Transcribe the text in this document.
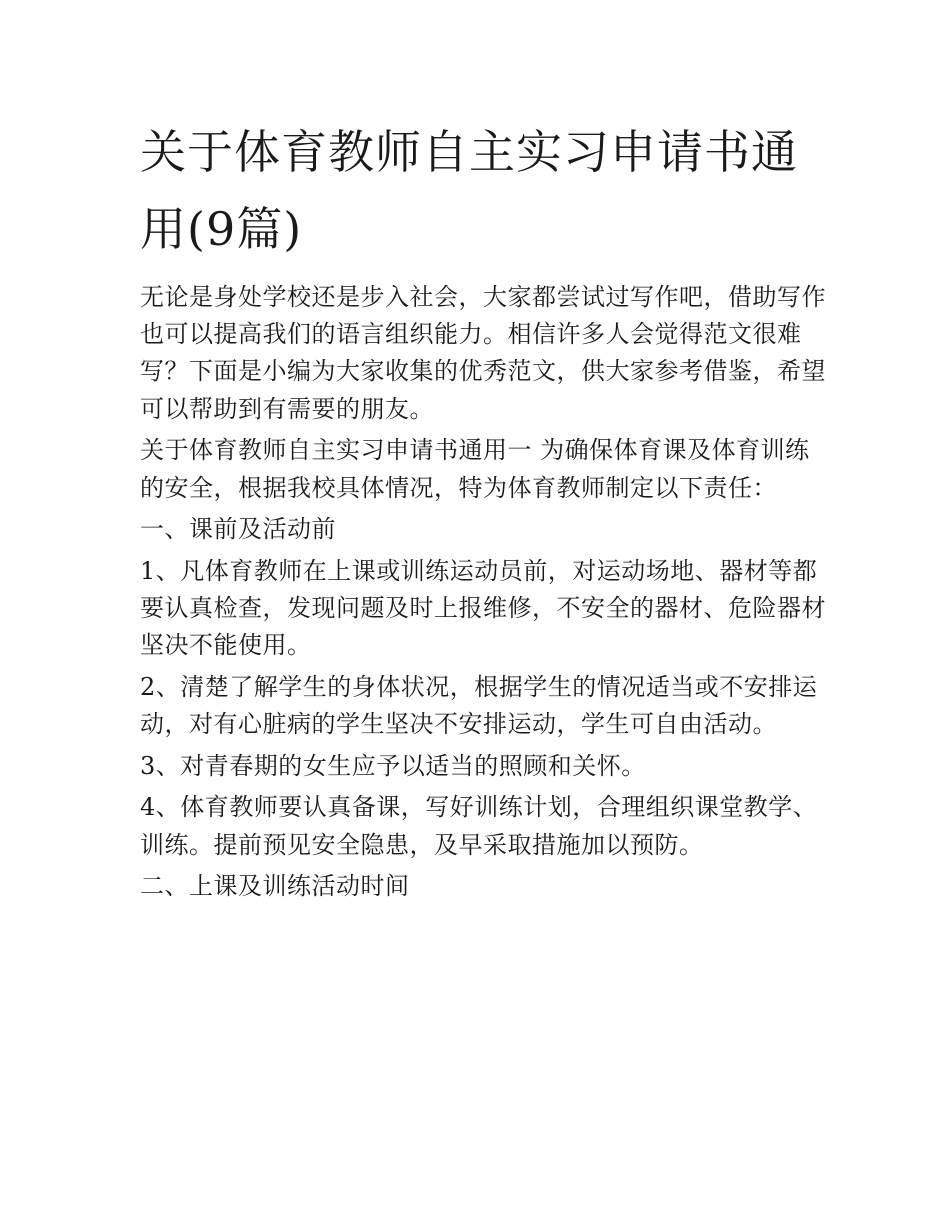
关于体育教师自主实习申请书通用(9篇)

无论是身处学校还是步入社会，大家都尝试过写作吧，借助写作也可以提高我们的语言组织能力。相信许多人会觉得范文很难写？下面是小编为大家收集的优秀范文，供大家参考借鉴，希望可以帮助到有需要的朋友。

关于体育教师自主实习申请书通用一 为确保体育课及体育训练的安全，根据我校具体情况，特为体育教师制定以下责任：

一、课前及活动前

1、凡体育教师在上课或训练运动员前，对运动场地、器材等都要认真检查，发现问题及时上报维修，不安全的器材、危险器材坚决不能使用。

2、清楚了解学生的身体状况，根据学生的情况适当或不安排运动，对有心脏病的学生坚决不安排运动，学生可自由活动。

3、对青春期的女生应予以适当的照顾和关怀。

4、体育教师要认真备课，写好训练计划，合理组织课堂教学、训练。提前预见安全隐患，及早采取措施加以预防。

二、上课及训练活动时间
